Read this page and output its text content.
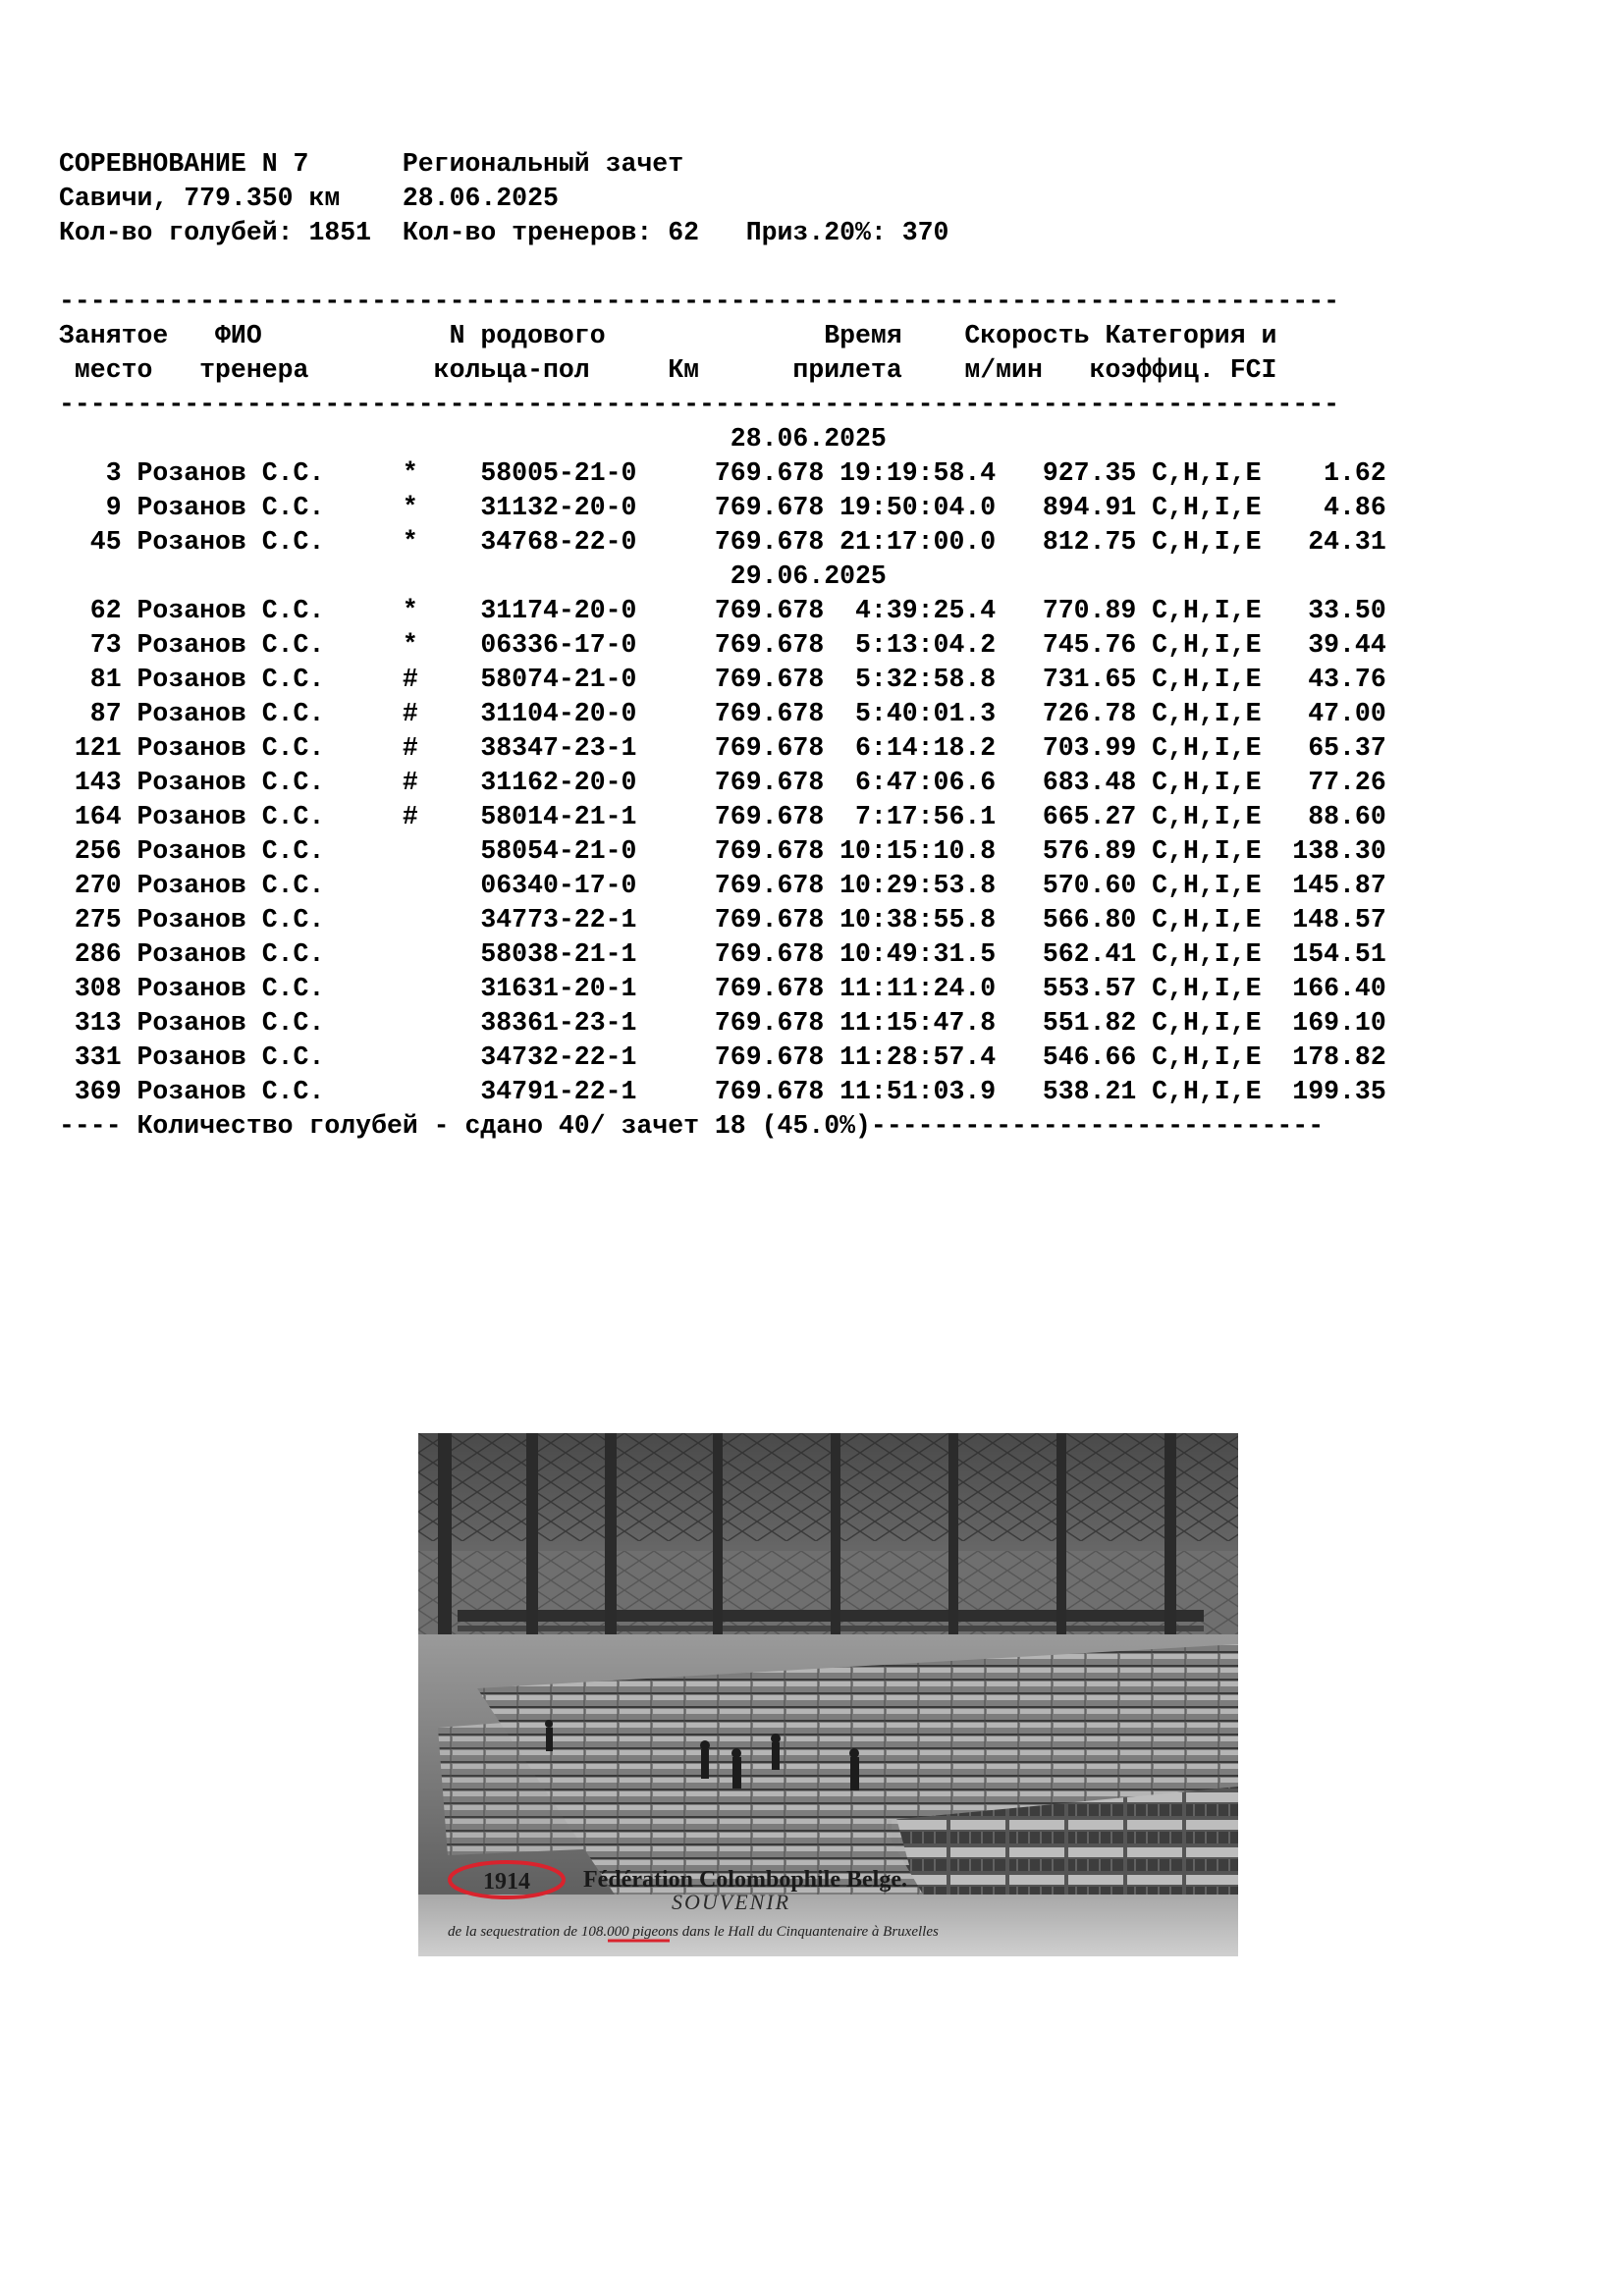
СОРЕВНОВАНИЕ N 7      Региональный зачет
Савичи, 779.350 км    28.06.2025
Кол-во голубей: 1851  Кол-во тренеров: 62   Приз.20%: 370
----------------------------------------------------------------------------------
Занятое   ФИО            N родового              Время    Скорость Категория и
место   тренера        кольца-пол     Км      прилета    м/мин   коэффиц. FCI
----------------------------------------------------------------------------------
28.06.2025
3 Розанов С.С.     *    58005-21-0     769.678 19:19:58.4   927.35 C,H,I,E    1.62
9 Розанов С.С.     *    31132-20-0     769.678 19:50:04.0   894.91 C,H,I,E    4.86
45 Розанов С.С.     *    34768-22-0     769.678 21:17:00.0   812.75 C,H,I,E   24.31
29.06.2025
62 Розанов С.С.     *    31174-20-0     769.678  4:39:25.4   770.89 C,H,I,E   33.50
73 Розанов С.С.     *    06336-17-0     769.678  5:13:04.2   745.76 C,H,I,E   39.44
81 Розанов С.С.     #    58074-21-0     769.678  5:32:58.8   731.65 C,H,I,E   43.76
87 Розанов С.С.     #    31104-20-0     769.678  5:40:01.3   726.78 C,H,I,E   47.00
121 Розанов С.С.     #    38347-23-1     769.678  6:14:18.2   703.99 C,H,I,E   65.37
143 Розанов С.С.     #    31162-20-0     769.678  6:47:06.6   683.48 C,H,I,E   77.26
164 Розанов С.С.     #    58014-21-1     769.678  7:17:56.1   665.27 C,H,I,E   88.60
256 Розанов С.С.          58054-21-0     769.678 10:15:10.8   576.89 C,H,I,E  138.30
270 Розанов С.С.          06340-17-0     769.678 10:29:53.8   570.60 C,H,I,E  145.87
275 Розанов С.С.          34773-22-1     769.678 10:38:55.8   566.80 C,H,I,E  148.57
286 Розанов С.С.          58038-21-1     769.678 10:49:31.5   562.41 C,H,I,E  154.51
308 Розанов С.С.          31631-20-1     769.678 11:11:24.0   553.57 C,H,I,E  166.40
313 Розанов С.С.          38361-23-1     769.678 11:15:47.8   551.82 C,H,I,E  169.10
331 Розанов С.С.          34732-22-1     769.678 11:28:57.4   546.66 C,H,I,E  178.82
369 Розанов С.С.          34791-22-1     769.678 11:51:03.9   538.21 C,H,I,E  199.35
---- Количество голубей - сдано 40/ зачет 18 (45.0%)-----------------------------
1914 Fédération Colombophile Belge.
SOUVENIR
de la sequestration de 108.000 pigeons dans le Hall du Cinquantenaire à Bruxelles
